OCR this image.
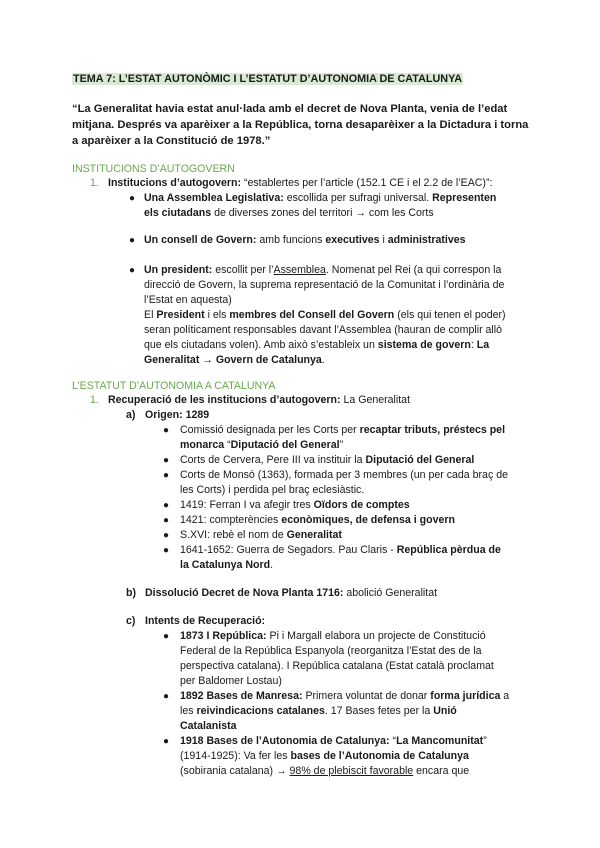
TEMA 7: L’ESTAT AUTONÒMIC I L’ESTATUT D’AUTONOMIA DE CATALUNYA
“La Generalitat havia estat anul·lada amb el decret de Nova Planta, venia de l’edat
mitjana. Després va aparèixer a la República, torna desaparèixer a la Dictadura i torna
a aparèixer a la Constitució de 1978.”
INSTITUCIONS D’AUTOGOVERN
1. Institucions d’autogovern: “establertes per l’article (152.1 CE i el 2.2 de l’EAC)”:
● Una Assemblea Legislativa: escollida per sufragi universal. Representen
els ciutadans de diverses zones del territori → com les Corts
● Un consell de Govern: amb funcions executives i administratives
● Un president: escollit per l’Assemblea. Nomenat pel Rei (a qui correspon la
direcció de Govern, la suprema representació de la Comunitat i l’ordinària de
l’Estat en aquesta)
El President i els membres del Consell del Govern (els qui tenen el poder)
seran políticament responsables davant l’Assemblea (hauran de complir allò
que els ciutadans volen). Amb això s’estableix un sistema de govern: La
Generalitat → Govern de Catalunya.
L’ESTATUT D’AUTONOMIA A CATALUNYA
1. Recuperació de les institucions d’autogovern: La Generalitat
a) Origen: 1289
● Comissió designada per les Corts per recaptar tributs, préstecs pel
monarca “Diputació del General”
● Corts de Cervera, Pere III va instituir la Diputació del General
● Corts de Monsó (1363), formada per 3 membres (un per cada braç de
les Corts) i perdida pel braç eclesiàstic.
● 1419: Ferran I va afegir tres Oïdors de comptes
● 1421: compterències econòmiques, de defensa i govern
● S.XVI: rebè el nom de Generalitat
● 1641-1652: Guerra de Segadors. Pau Claris - República pèrdua de
la Catalunya Nord.
b) Dissolució Decret de Nova Planta 1716: abolició Generalitat
c) Intents de Recuperació:
● 1873 I República: Pi i Margall elabora un projecte de Constitució
Federal de la República Espanyola (reorganitza l’Estat des de la
perspectiva catalana). I República catalana (Estat català proclamat
per Baldomer Lostau)
● 1892 Bases de Manresa: Primera voluntat de donar forma jurídica a
les reivindicacions catalanes. 17 Bases fetes per la Unió
Catalanista
● 1918 Bases de l’Autonomia de Catalunya: “La Mancomunitat”
(1914-1925): Va fer les bases de l’Autonomia de Catalunya
(sobirania catalana) → 98% de plebiscit favorable encara que
